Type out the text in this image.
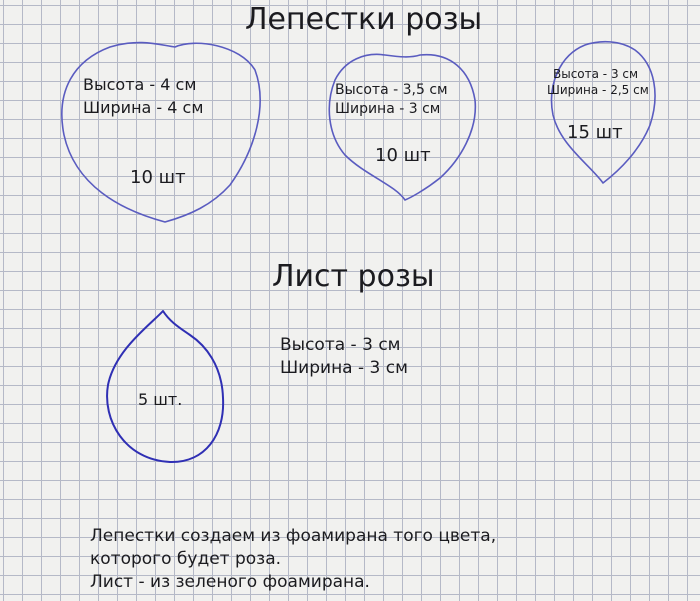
Лепестки розы
Высота - 4 см
Ширина - 4 см
10 шт
Высота - 3,5 см
Ширина - 3 см
10 шт
Высота - 3 см
Ширина - 2,5 см
15 шт
Лист розы
5 шт.
Высота - 3 см
Ширина - 3 см
Лепестки создаем из фоамирана того цвета,
которого будет роза.
Лист - из зеленого фоамирана.
